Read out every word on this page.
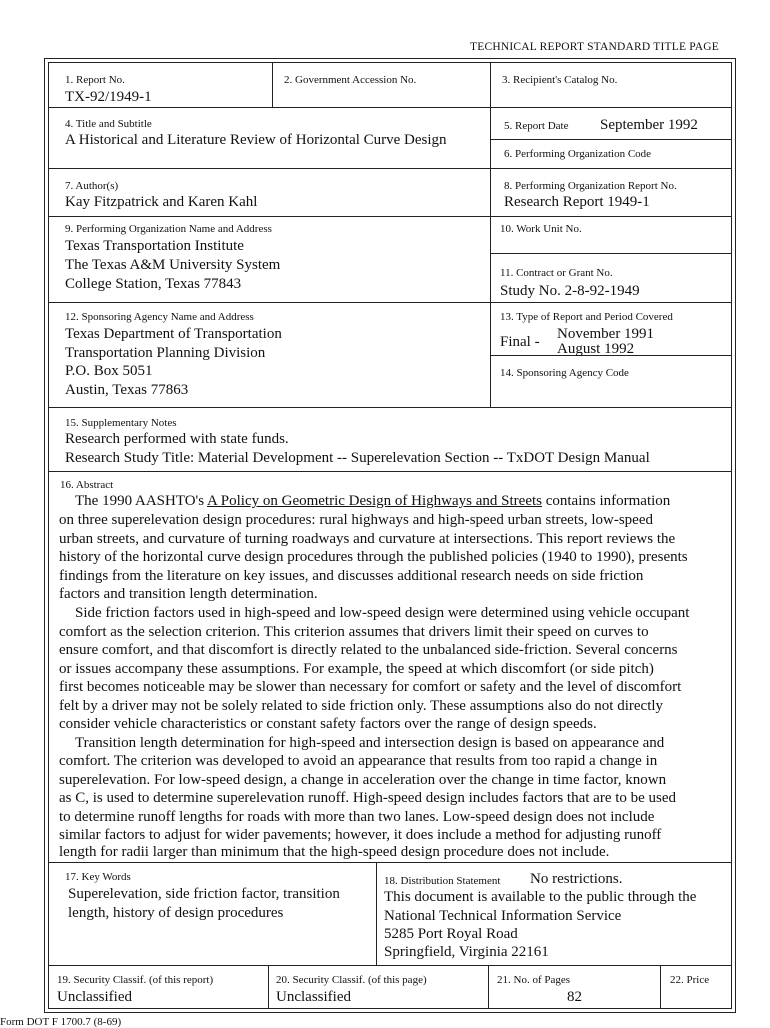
TECHNICAL REPORT STANDARD TITLE PAGE
1. Report No.
TX-92/1949-1
2. Government Accession No.	3. Recipient's Catalog No.
4. Title and Subtitle
A Historical and Literature Review of Horizontal Curve Design
5. Report Date September 1992
6. Performing Organization Code
7. Author(s)
Kay Fitzpatrick and Karen Kahl
8. Performing Organization Report No.
Research Report 1949-1
9. Performing Organization Name and Address
Texas Transportation Institute
The Texas A&M University System
College Station, Texas 77843
10. Work Unit No.
11. Contract or Grant No.
Study No. 2-8-92-1949
12. Sponsoring Agency Name and Address
Texas Department of Transportation
Transportation Planning Division
P.O. Box 5051
Austin, Texas 77863
13. Type of Report and Period Covered
Final - November 1991
August 1992
14. Sponsoring Agency Code
15. Supplementary Notes
Research performed with state funds.
Research Study Title: Material Development -- Superelevation Section -- TxDOT Design Manual
16. Abstract
The 1990 AASHTO's A Policy on Geometric Design of Highways and Streets contains information
on three superelevation design procedures: rural highways and high-speed urban streets, low-speed
urban streets, and curvature of turning roadways and curvature at intersections. This report reviews the
history of the horizontal curve design procedures through the published policies (1940 to 1990), presents
findings from the literature on key issues, and discusses additional research needs on side friction
factors and transition length determination.
Side friction factors used in high-speed and low-speed design were determined using vehicle occupant
comfort as the selection criterion. This criterion assumes that drivers limit their speed on curves to
ensure comfort, and that discomfort is directly related to the unbalanced side-friction. Several concerns
or issues accompany these assumptions. For example, the speed at which discomfort (or side pitch)
first becomes noticeable may be slower than necessary for comfort or safety and the level of discomfort
felt by a driver may not be solely related to side friction only. These assumptions also do not directly
consider vehicle characteristics or constant safety factors over the range of design speeds.
Transition length determination for high-speed and intersection design is based on appearance and
comfort. The criterion was developed to avoid an appearance that results from too rapid a change in
superelevation. For low-speed design, a change in acceleration over the change in time factor, known
as C, is used to determine superelevation runoff. High-speed design includes factors that are to be used
to determine runoff lengths for roads with more than two lanes. Low-speed design does not include
similar factors to adjust for wider pavements; however, it does include a method for adjusting runoff
length for radii larger than minimum that the high-speed design procedure does not include.
17. Key Words
Superelevation, side friction factor, transition
length, history of design procedures
18. Distribution Statement No restrictions.
This document is available to the public through the
National Technical Information Service
5285 Port Royal Road
Springfield, Virginia 22161
19. Security Classif. (of this report)
Unclassified
20. Security Classif. (of this page)
Unclassified
21. No. of Pages
82
22. Price
Form DOT F 1700.7 (8-69)
